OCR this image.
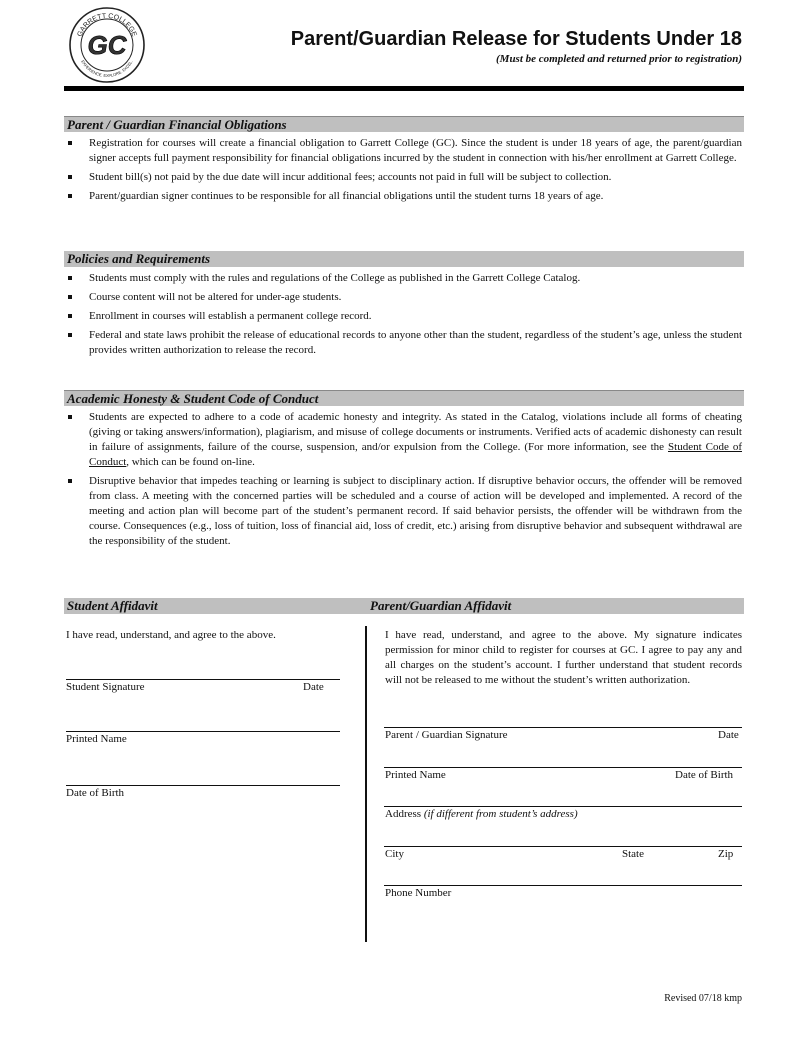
GARRETT COLLEGE
EXPERIENCE. EXPLORE. EXCEL.
GC	Parent/Guardian Release for Students Under 18
(Must be completed and returned prior to registration)
Parent / Guardian Financial Obligations
Registration for courses will create a financial obligation to Garrett College (GC). Since the student is under 18 years of age, the parent/guardian signer accepts full payment responsibility for financial obligations incurred by the student in connection with his/her enrollment at Garrett College.
Student bill(s) not paid by the due date will incur additional fees; accounts not paid in full will be subject to collection.
Parent/guardian signer continues to be responsible for all financial obligations until the student turns 18 years of age.
Policies and Requirements
Students must comply with the rules and regulations of the College as published in the Garrett College Catalog.
Course content will not be altered for under-age students.
Enrollment in courses will establish a permanent college record.
Federal and state laws prohibit the release of educational records to anyone other than the student, regardless of the student’s age, unless the student provides written authorization to release the record.
Academic Honesty & Student Code of Conduct
Students are expected to adhere to a code of academic honesty and integrity. As stated in the Catalog, violations include all forms of cheating (giving or taking answers/information), plagiarism, and misuse of college documents or instruments. Verified acts of academic dishonesty can result in failure of assignments, failure of the course, suspension, and/or expulsion from the College. (For more information, see the Student Code of Conduct, which can be found on-line.
Disruptive behavior that impedes teaching or learning is subject to disciplinary action. If disruptive behavior occurs, the offender will be removed from class. A meeting with the concerned parties will be scheduled and a course of action will be developed and implemented. A record of the meeting and action plan will become part of the student’s permanent record. If said behavior persists, the offender will be withdrawn from the course. Consequences (e.g., loss of tuition, loss of financial aid, loss of credit, etc.) arising from disruptive behavior and subsequent withdrawal are the responsibility of the student.
Student Affidavit	Parent/Guardian Affidavit
I have read, understand, and agree to the above.
Student Signature	Date
Printed Name
Date of Birth
I have read, understand, and agree to the above. My signature indicates permission for minor child to register for courses at GC. I agree to pay any and all charges on the student’s account. I further understand that student records will not be released to me without the student’s written authorization.
Parent / Guardian Signature	Date
Printed Name	Date of Birth
Address (if different from student’s address)
City	State	Zip
Phone Number
Revised 07/18 kmp
